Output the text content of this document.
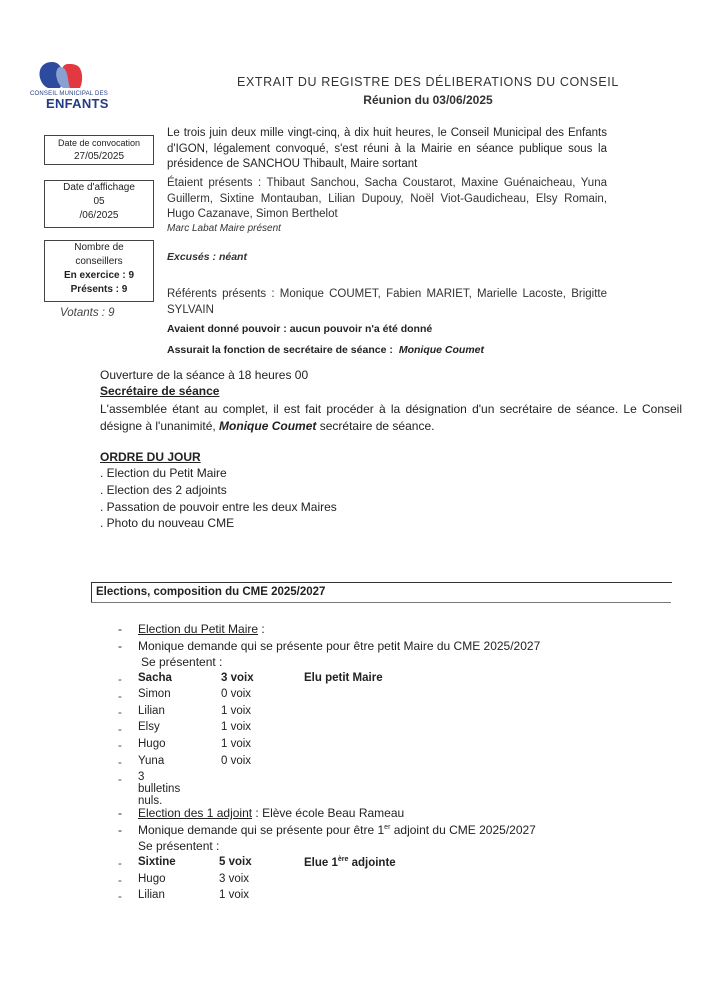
CONSEIL MUNICIPAL DES
ENFANTS
EXTRAIT DU REGISTRE DES DÉLIBERATIONS DU CONSEIL
Réunion du 03/06/2025
Date de convocation
27/05/2025
Date d'affichage
05
/06/2025
Nombre de
conseillers
En exercice : 9
Présents : 9
Votants : 9
Le trois juin deux mille vingt-cinq, à dix huit heures, le Conseil Municipal des Enfants d'IGON, légalement convoqué, s'est réuni à la Mairie en séance publique sous la présidence de SANCHOU Thibault, Maire sortant
Étaient présents : Thibaut Sanchou, Sacha Coustarot, Maxine Guénaicheau, Yuna Guillerm, Sixtine Montauban, Lilian Dupouy, Noël Viot-Gaudicheau, Elsy Romain, Hugo Cazanave, Simon Berthelot
Marc Labat Maire présent
Excusés : néant
Référents présents : Monique COUMET, Fabien MARIET, Marielle Lacoste, Brigitte SYLVAIN
Avaient donné pouvoir : aucun pouvoir n'a été donné
Assurait la fonction de secrétaire de séance : Monique Coumet
Ouverture de la séance à 18 heures 00
Secrétaire de séance
L'assemblée étant au complet, il est fait procéder à la désignation d'un secrétaire de séance. Le Conseil désigne à l'unanimité, Monique Coumet secrétaire de séance.
ORDRE DU JOUR
. Election du Petit Maire
. Election des 2 adjoints
. Passation de pouvoir entre les deux Maires
. Photo du nouveau CME
Elections, composition du CME 2025/2027
- Election du Petit Maire :
- Monique demande qui se présente pour être petit Maire du CME 2025/2027
Se présentent :
Sacha	3 voix	Elu petit Maire
Simon	0 voix
Lilian	1 voix
Elsy	1 voix
Hugo	1 voix
Yuna	0 voix
3 bulletins nuls.
- Election des 1 adjoint : Elève école Beau Rameau
- Monique demande qui se présente pour être 1er adjoint du CME 2025/2027
Se présentent :
Sixtine	5 voix	Elue 1ère adjointe
Hugo	3 voix
Lilian	1 voix
-
-
-
-
-
-
-
-
-
-
